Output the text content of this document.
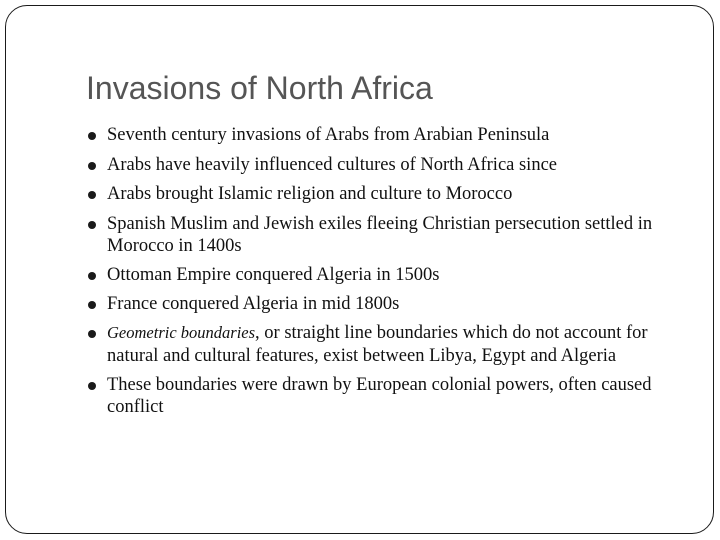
Invasions of North Africa
Seventh century invasions of Arabs from Arabian Peninsula
Arabs have heavily influenced cultures of North Africa since
Arabs brought Islamic religion and culture to Morocco
Spanish Muslim and Jewish exiles fleeing Christian persecution settled in Morocco in 1400s
Ottoman Empire conquered Algeria in 1500s
France conquered Algeria in mid 1800s
Geometric boundaries, or straight line boundaries which do not account for natural and cultural features, exist between Libya, Egypt and Algeria
These boundaries were drawn by European colonial powers, often caused conflict
